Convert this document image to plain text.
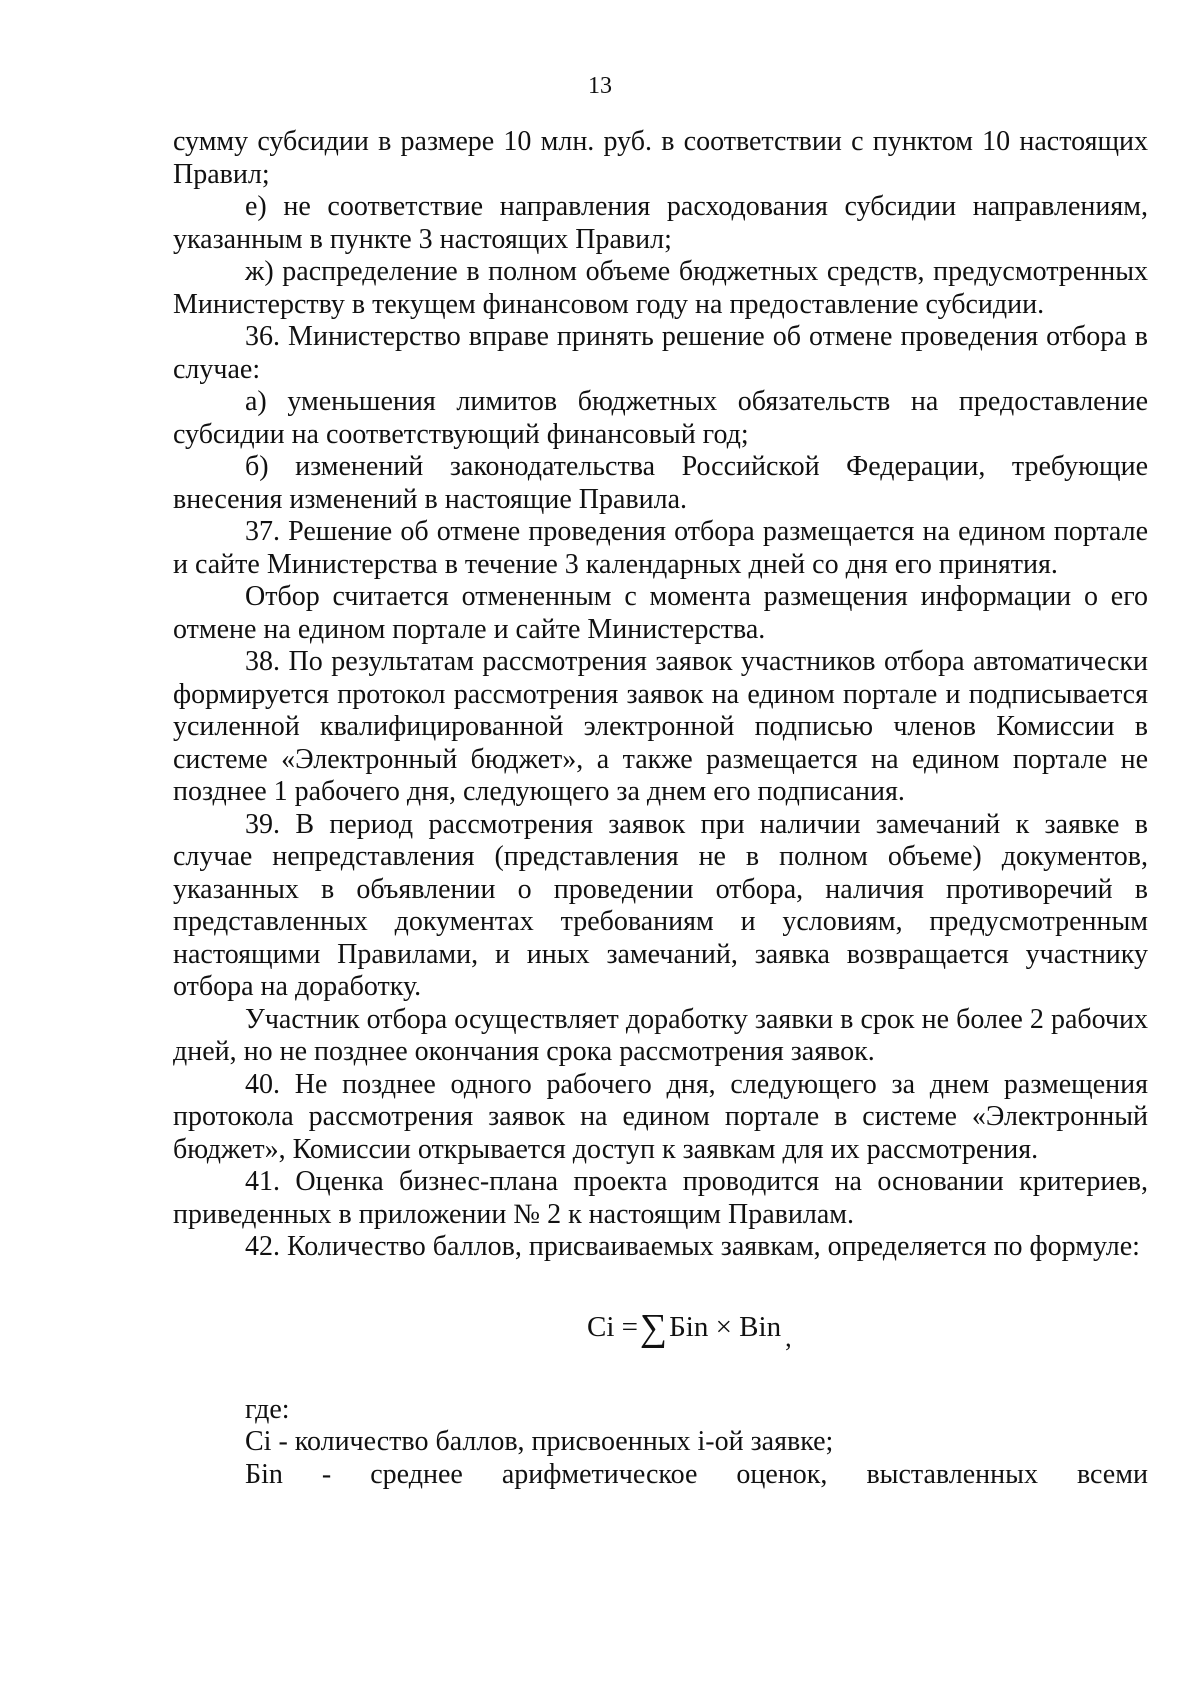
13

сумму субсидии в размере 10 млн. руб. в соответствии с пунктом 10 настоящих Правил;

е) не соответствие направления расходования субсидии направлениям, указанным в пункте 3 настоящих Правил;

ж) распределение в полном объеме бюджетных средств, предусмотренных Министерству в текущем финансовом году на предоставление субсидии.

36. Министерство вправе принять решение об отмене проведения отбора в случае:

а) уменьшения лимитов бюджетных обязательств на предоставление субсидии на соответствующий финансовый год;

б) изменений законодательства Российской Федерации, требующие внесения изменений в настоящие Правила.

37. Решение об отмене проведения отбора размещается на едином портале и сайте Министерства в течение 3 календарных дней со дня его принятия.

Отбор считается отмененным с момента размещения информации о его отмене на едином портале и сайте Министерства.

38. По результатам рассмотрения заявок участников отбора автоматически формируется протокол рассмотрения заявок на едином портале и подписывается усиленной квалифицированной электронной подписью членов Комиссии в системе «Электронный бюджет», а также размещается на едином портале не позднее 1 рабочего дня, следующего за днем его подписания.

39. В период рассмотрения заявок при наличии замечаний к заявке в случае непредставления (представления не в полном объеме) документов, указанных в объявлении о проведении отбора, наличия противоречий в представленных документах требованиям и условиям, предусмотренным настоящими Правилами, и иных замечаний, заявка возвращается участнику отбора на доработку.

Участник отбора осуществляет доработку заявки в срок не более 2 рабочих дней, но не позднее окончания срока рассмотрения заявок.

40. Не позднее одного рабочего дня, следующего за днем размещения протокола рассмотрения заявок на едином портале в системе «Электронный бюджет», Комиссии открывается доступ к заявкам для их рассмотрения.

41. Оценка бизнес-плана проекта проводится на основании критериев, приведенных в приложении № 2 к настоящим Правилам.

42. Количество баллов, присваиваемых заявкам, определяется по формуле:

Ci =∑Бin × Bin ,

где:

Ci - количество баллов, присвоенных i-ой заявке;

Бin - среднее арифметическое оценок, выставленных всеми
